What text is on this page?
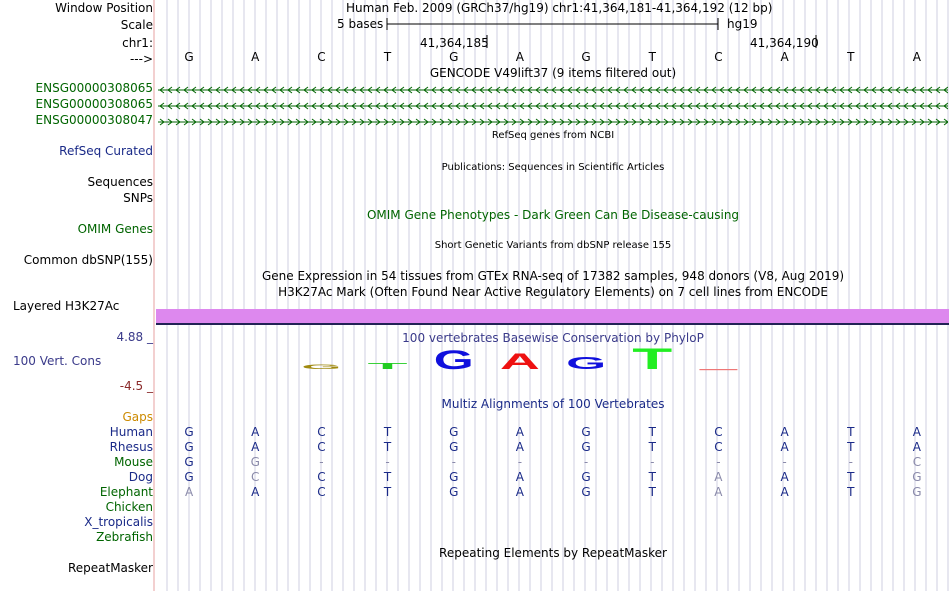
Window Position	Human Feb. 2009 (GRCh37/hg19) chr1:41,364,181-41,364,192 (12 bp)
Scale	5 bases	hg19
chr1:	41,364,185	41,364,190
--->	G	A	C	T	G	A	G	T	C	A	T	A
GENCODE V49lift37 (9 items filtered out)
ENSG00000308065
ENSG00000308065
ENSG00000308047
RefSeq genes from NCBI
RefSeq Curated
Publications: Sequences in Scientific Articles
Sequences
SNPs
OMIM Gene Phenotypes - Dark Green Can Be Disease-causing
OMIM Genes
Short Genetic Variants from dbSNP release 155
Common dbSNP(155)
Gene Expression in 54 tissues from GTEx RNA-seq of 17382 samples, 948 donors (V8, Aug 2019)
H3K27Ac Mark (Often Found Near Active Regulatory Elements) on 7 cell lines from ENCODE
Layered H3K27Ac
100 vertebrates Basewise Conservation by PhyloP
4.88 _
100 Vert. Cons
-4.5 _
G T G A G T
Multiz Alignments of 100 Vertebrates
Gaps
Human	G	A	C	T	G	A	G	T	C	A	T	A
Rhesus	G	A	C	T	G	A	G	T	C	A	T	A
Mouse	G	G	-	-	-	-	-	-	-	-	-	C
Dog	G	C	C	T	G	A	G	T	A	A	T	G
Elephant	A	A	C	T	G	A	G	T	A	A	T	G
Chicken
X_tropicalis
Zebrafish
Repeating Elements by RepeatMasker
RepeatMasker
